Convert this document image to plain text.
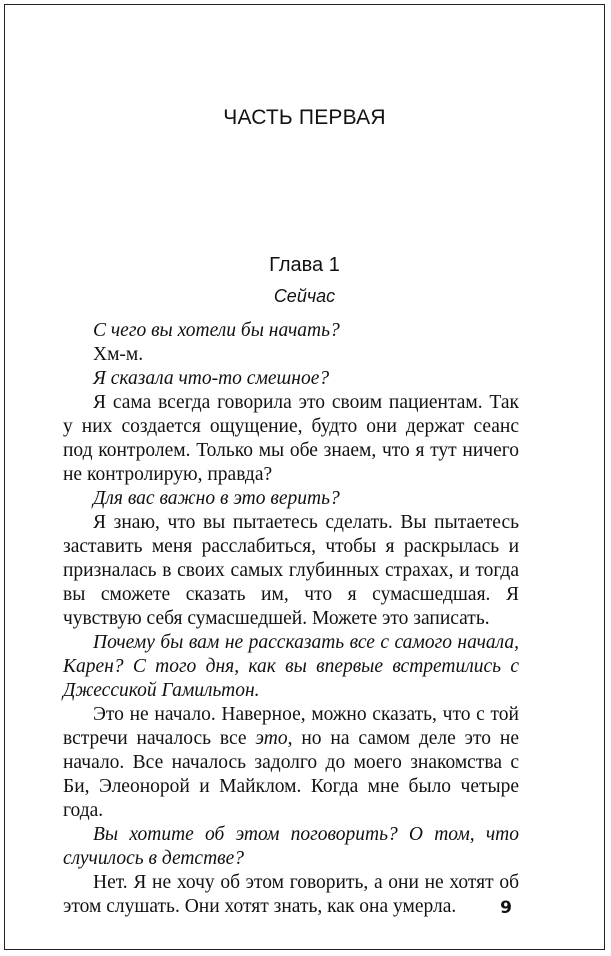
ЧАСТЬ ПЕРВАЯ
Глава 1
Сейчас

С чего вы хотели бы начать?

Хм-м.

Я сказала что-то смешное?

Я сама всегда говорила это своим пациентам. Так у них создается ощущение, будто они держат сеанс под контролем. Только мы обе знаем, что я тут ничего не контролирую, правда?

Для вас важно в это верить?

Я знаю, что вы пытаетесь сделать. Вы пытаетесь заставить меня расслабиться, чтобы я раскрылась и призналась в своих самых глубинных страхах, и тогда вы сможете сказать им, что я сумасшедшая. Я чувствую себя сумасшедшей. Можете это записать.

Почему бы вам не рассказать все с самого начала, Карен? С того дня, как вы впервые встретились с Джессикой Гамильтон.

Это не начало. Наверное, можно сказать, что с той встречи началось все это, но на самом деле это не начало. Все началось задолго до моего знакомства с Би, Элеонорой и Майклом. Когда мне было четыре года.

Вы хотите об этом поговорить? О том, что случилось в детстве?

Нет. Я не хочу об этом говорить, а они не хотят об этом слушать. Они хотят знать, как она умерла.	9
